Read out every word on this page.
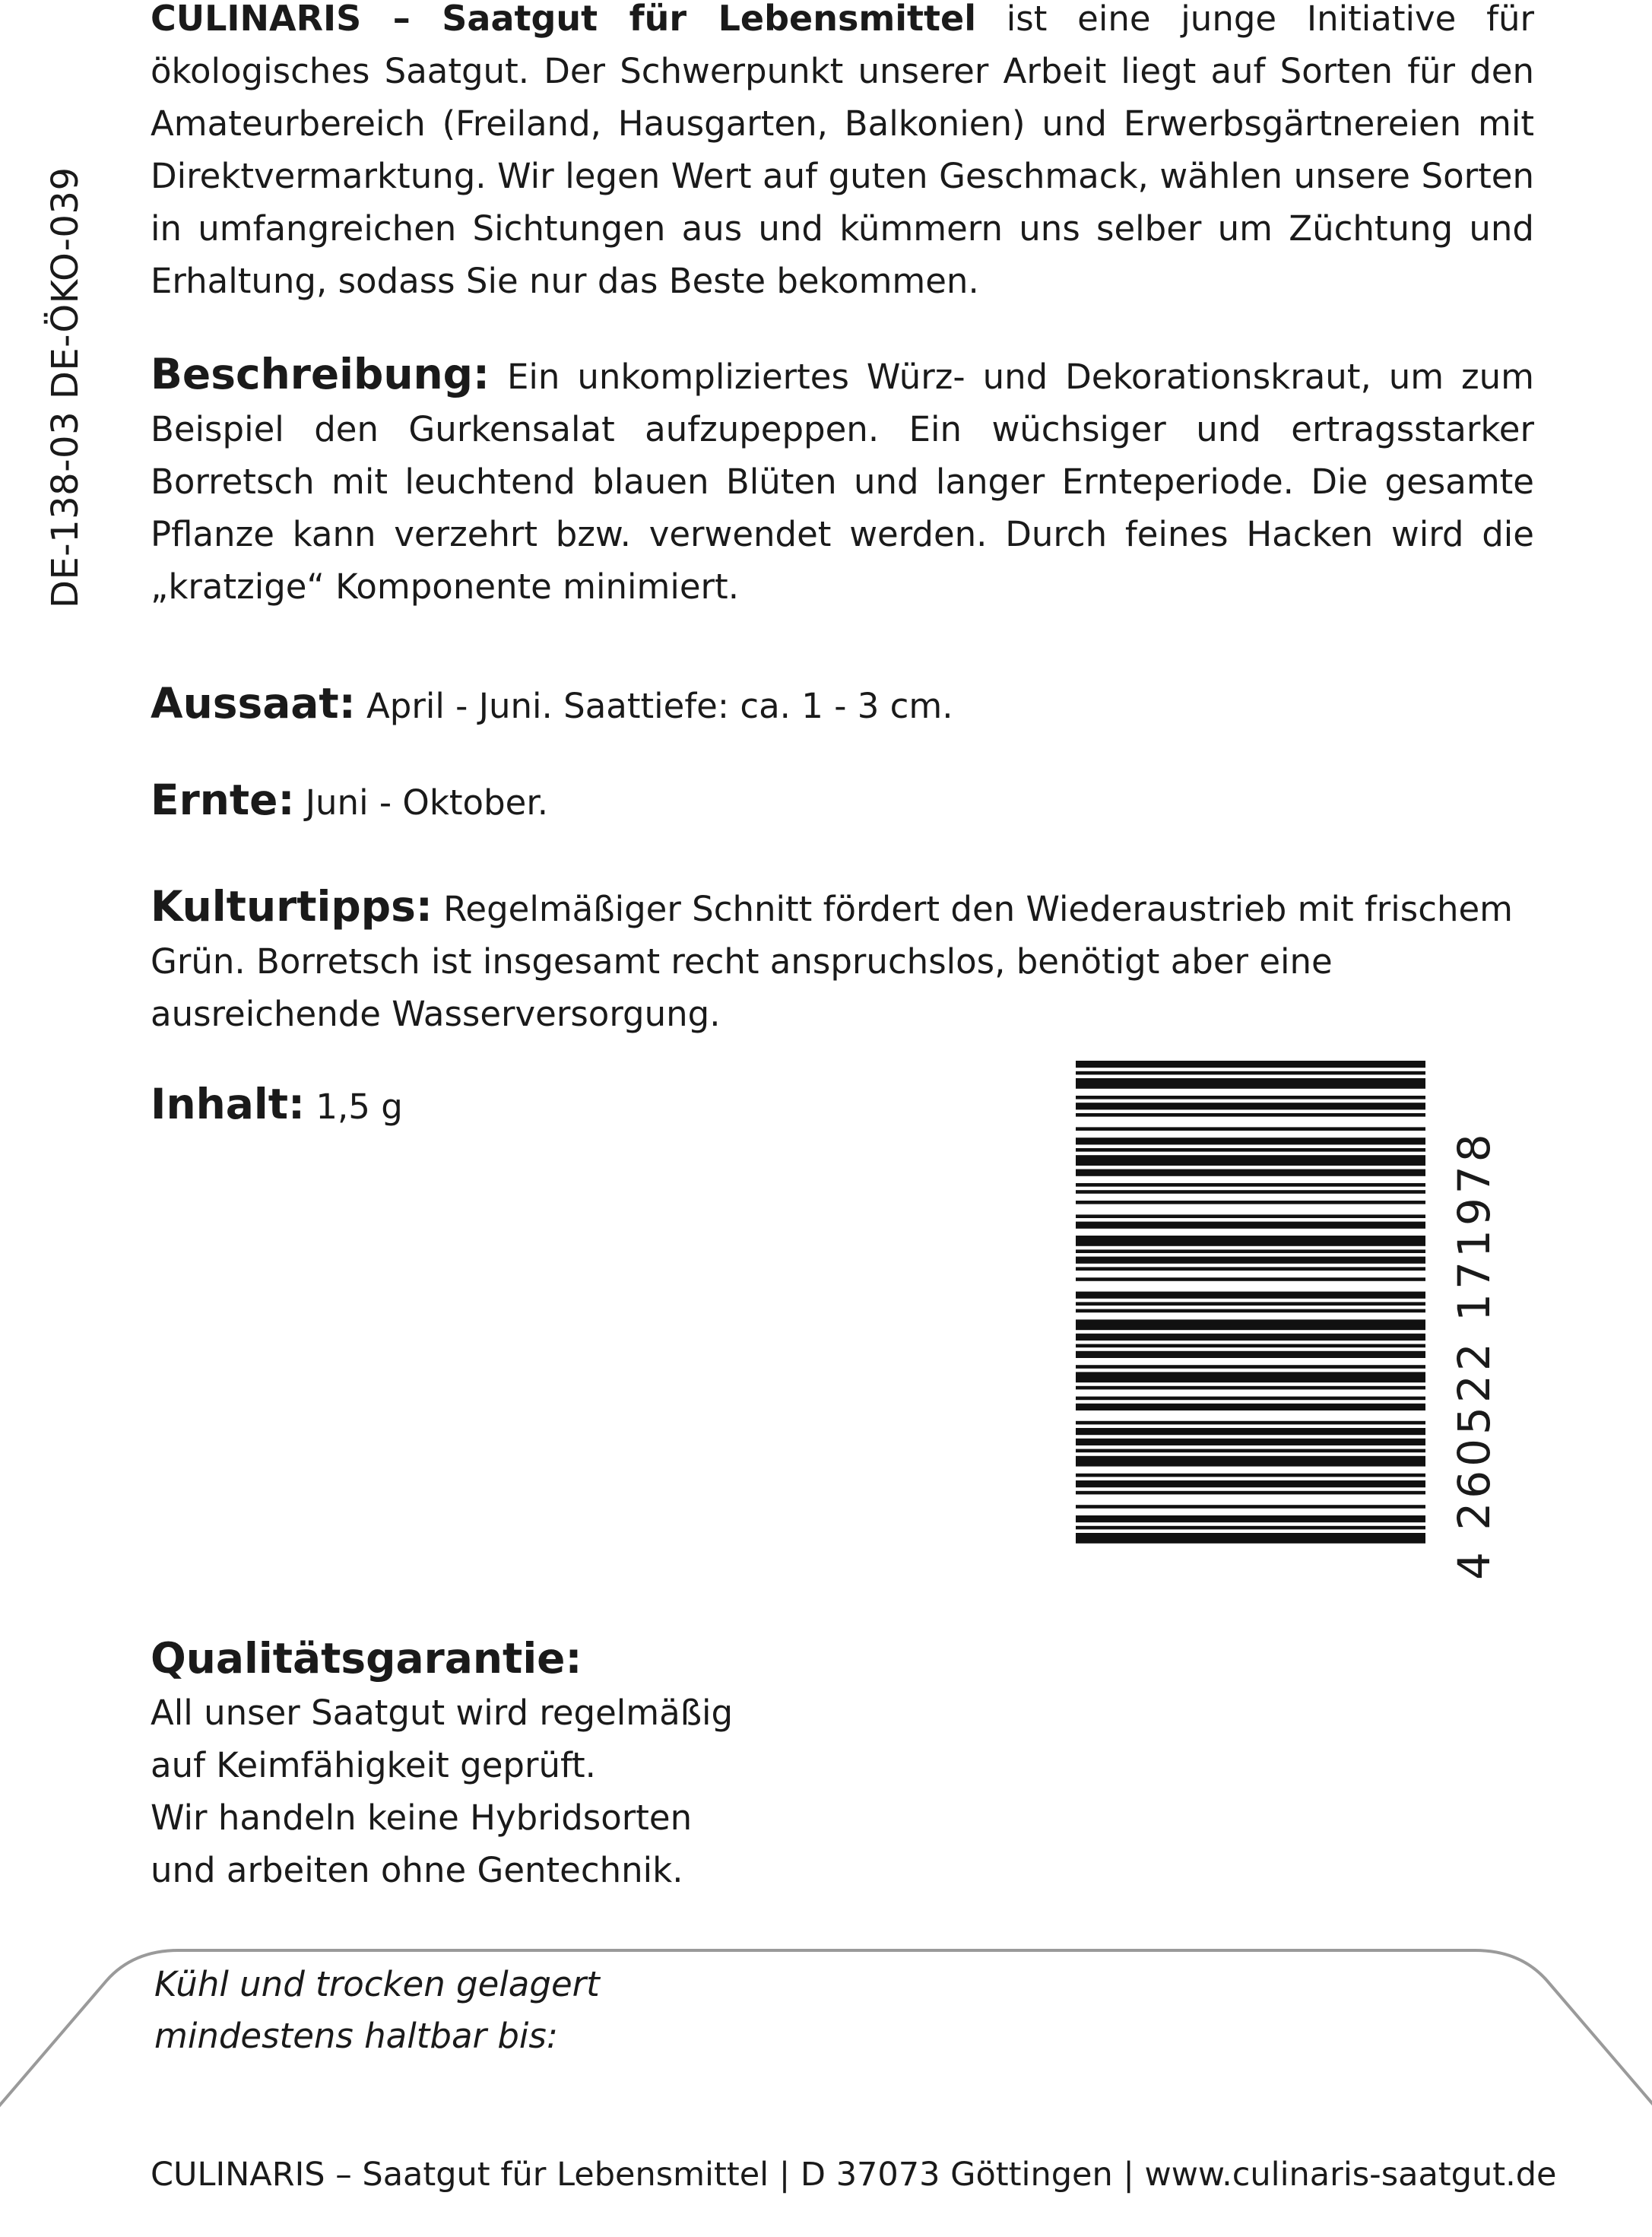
DE-138-03 DE-ÖKO-039
CULINARIS – Saatgut für Lebensmittel ist eine junge Initiative für ökologisches Saatgut. Der Schwerpunkt unserer Arbeit liegt auf Sorten für den Amateurbereich (Freiland, Hausgarten, Balkonien) und Erwerbsgärtnereien mit Direktvermarktung. Wir legen Wert auf guten Geschmack, wählen unsere Sorten in umfangreichen Sichtungen aus und kümmern uns selber um Züchtung und Erhaltung, sodass Sie nur das Beste bekommen.
Beschreibung: Ein unkompliziertes Würz- und Dekorationskraut, um zum Beispiel den Gurkensalat aufzupeppen. Ein wüchsiger und ertragsstarker Borretsch mit leuchtend blauen Blüten und langer Ernteperiode. Die gesamte Pflanze kann verzehrt bzw. verwendet werden. Durch feines Hacken wird die „kratzige“ Komponente minimiert.
Aussaat: April - Juni. Saattiefe: ca. 1 - 3 cm.
Ernte: Juni - Oktober.
Kulturtipps: Regelmäßiger Schnitt fördert den Wiederaustrieb mit frischem Grün. Borretsch ist insgesamt recht anspruchslos, benötigt aber eine ausreichende Wasserversorgung.
Inhalt: 1,5 g
4 260522 171978
Kühl und trocken gelagert
mindestens haltbar bis:
Qualitätsgarantie:
All unser Saatgut wird regelmäßig
auf Keimfähigkeit geprüft.
Wir handeln keine Hybridsorten
und arbeiten ohne Gentechnik.
CULINARIS – Saatgut für Lebensmittel | D 37073 Göttingen | www.culinaris-saatgut.de
